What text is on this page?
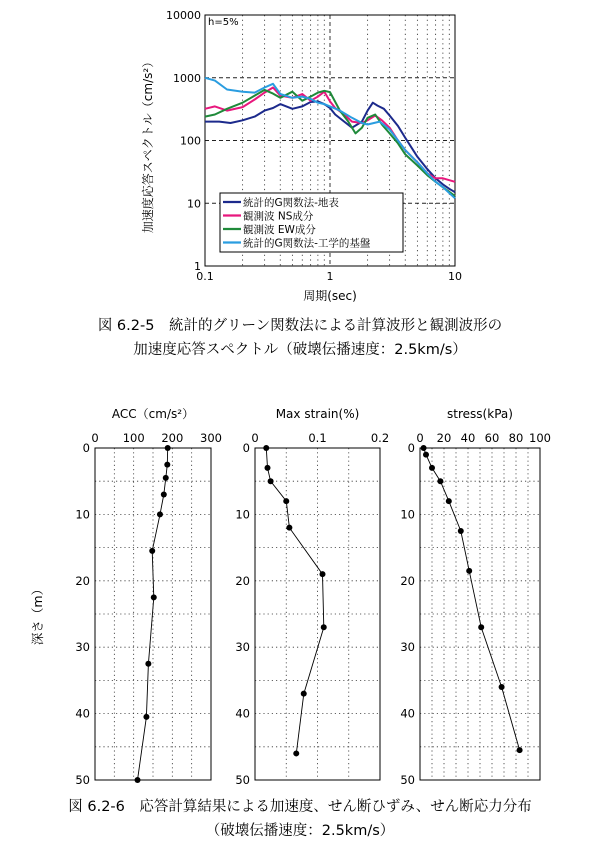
0.1	1	10
1
10
100
1000
10000
h=5%
周期(sec)
加速度応答スペクトル（cm/s²）	統計的G関数法-地表
観測波 NS成分
観測波 EW成分
統計的G関数法-工学的基盤
0 100 200 300
0
10
20
30
40
50
ACC（cm/s²）
0	0.1	0.2
0
10
20
30
40
50
Max strain(%)
0 20 40 60 80 100
0
10
20
30
40
50
stress(kPa)
深さ（m）
図 6.2-5　統計的グリーン関数法による計算波形と観測波形の
加速度応答スペクトル（破壊伝播速度：2.5km/s）
図 6.2-6　応答計算結果による加速度、せん断ひずみ、せん断応力分布
（破壊伝播速度：2.5km/s）
